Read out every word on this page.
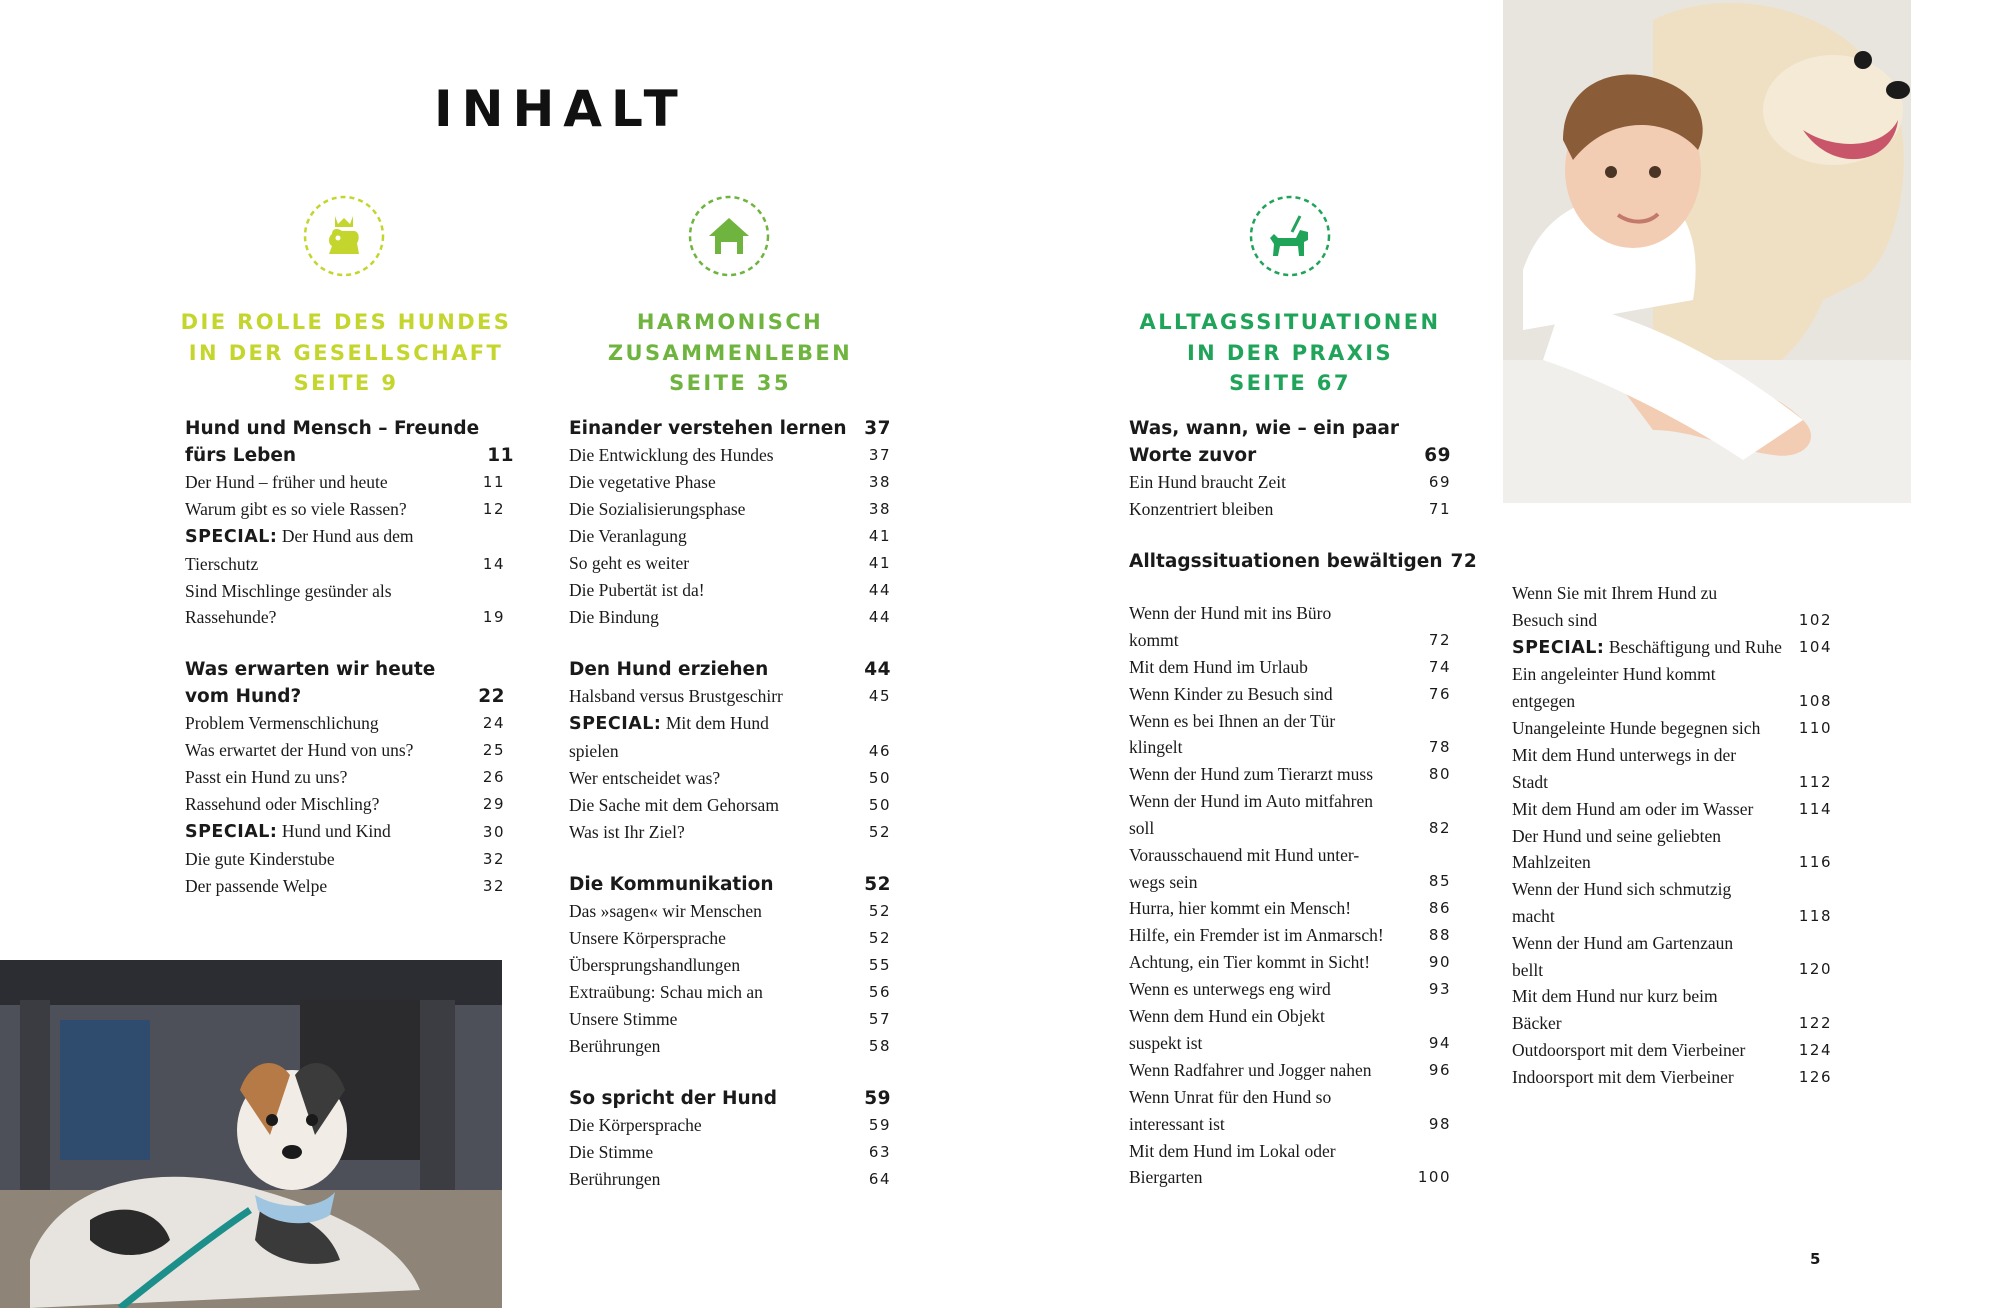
INHALT
DIE ROLLE DES HUNDES
IN DER GESELLSCHAFT
SEITE 9
HARMONISCH
ZUSAMMENLEBEN
SEITE 35
ALLTAGSSITUATIONEN
IN DER PRAXIS
SEITE 67
Hund und Mensch – Freunde
fürs Leben	11
Der Hund – früher und heute	11
Warum gibt es so viele Rassen?	12
SPECIAL: Der Hund aus dem
Tierschutz	14
Sind Mischlinge gesünder als
Rassehunde?	19
Was erwarten wir heute
vom Hund?	22
Problem Vermenschlichung	24
Was erwartet der Hund von uns?	25
Passt ein Hund zu uns?	26
Rassehund oder Mischling?	29
SPECIAL: Hund und Kind	30
Die gute Kinderstube	32
Der passende Welpe	32
Einander verstehen lernen 37
Die Entwicklung des Hundes	37
Die vegetative Phase	38
Die Sozialisierungsphase	38
Die Veranlagung	41
So geht es weiter	41
Die Pubertät ist da!	44
Die Bindung	44
Den Hund erziehen	44
Halsband versus Brustgeschirr	45
SPECIAL: Mit dem Hund
spielen	46
Wer entscheidet was?	50
Die Sache mit dem Gehorsam	50
Was ist Ihr Ziel?	52
Die Kommunikation	52
Das »sagen« wir Menschen	52
Unsere Körpersprache	52
Übersprungshandlungen	55
Extraübung: Schau mich an	56
Unsere Stimme	57
Berührungen	58
So spricht der Hund	59
Die Körpersprache	59
Die Stimme	63
Berührungen	64
Was, wann, wie – ein paar
Worte zuvor	69
Ein Hund braucht Zeit	69
Konzentriert bleiben	71
Alltagssituationen bewältigen 72
Wenn der Hund mit ins Büro
kommt	72
Mit dem Hund im Urlaub	74
Wenn Kinder zu Besuch sind	76
Wenn es bei Ihnen an der Tür
klingelt	78
Wenn der Hund zum Tierarzt muss	80
Wenn der Hund im Auto mitfahren
soll	82
Vorausschauend mit Hund unter-
wegs sein	85
Hurra, hier kommt ein Mensch!	86
Hilfe, ein Fremder ist im Anmarsch!	88
Achtung, ein Tier kommt in Sicht!	90
Wenn es unterwegs eng wird	93
Wenn dem Hund ein Objekt
suspekt ist	94
Wenn Radfahrer und Jogger nahen	96
Wenn Unrat für den Hund so
interessant ist	98
Mit dem Hund im Lokal oder
Biergarten	100
Wenn Sie mit Ihrem Hund zu
Besuch sind	102
SPECIAL: Beschäftigung und Ruhe	104
Ein angeleinter Hund kommt
entgegen	108
Unangeleinte Hunde begegnen sich	110
Mit dem Hund unterwegs in der
Stadt	112
Mit dem Hund am oder im Wasser	114
Der Hund und seine geliebten
Mahlzeiten	116
Wenn der Hund sich schmutzig
macht	118
Wenn der Hund am Gartenzaun
bellt	120
Mit dem Hund nur kurz beim
Bäcker	122
Outdoorsport mit dem Vierbeiner	124
Indoorsport mit dem Vierbeiner	126
5
